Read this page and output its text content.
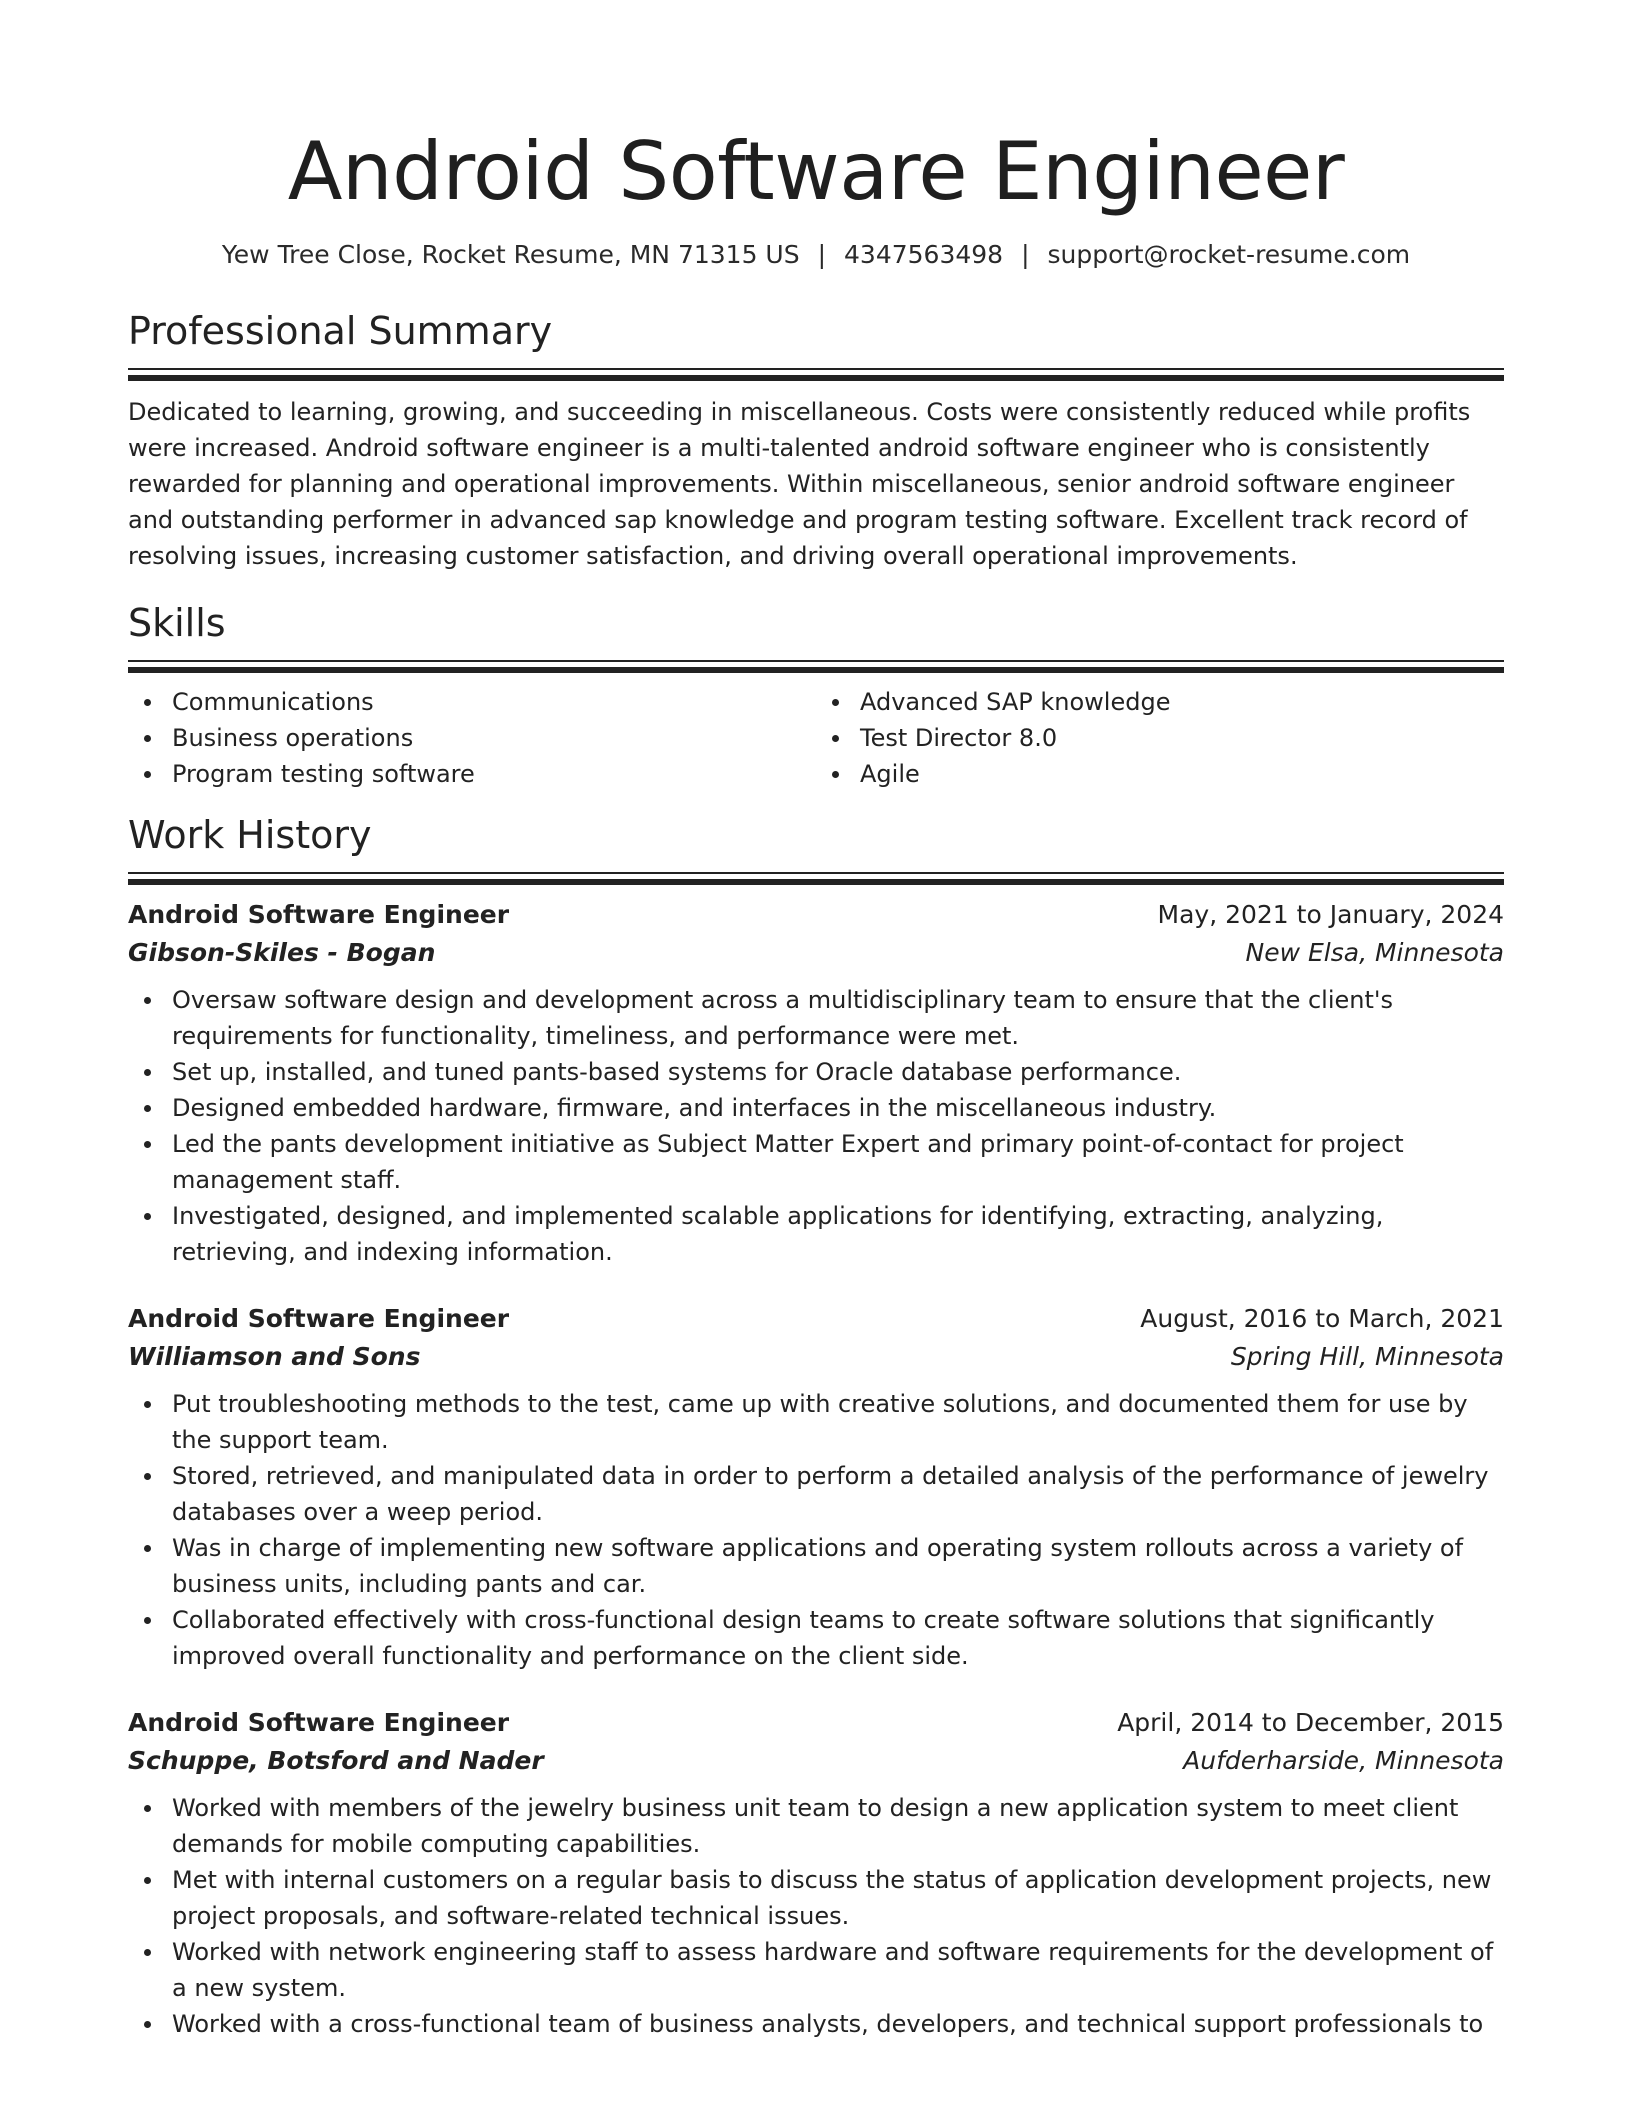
Android Software Engineer
Yew Tree Close, Rocket Resume, MN 71315 US | 4347563498 | support@rocket-resume.com
Professional Summary

Dedicated to learning, growing, and succeeding in miscellaneous. Costs were consistently reduced while profits were increased. Android software engineer is a multi-talented android software engineer who is consistently rewarded for planning and operational improvements. Within miscellaneous, senior android software engineer and outstanding performer in advanced sap knowledge and program testing software. Excellent track record of resolving issues, increasing customer satisfaction, and driving overall operational improvements.

Skills
Communications
Business operations
Program testing software
Advanced SAP knowledge
Test Director 8.0
Agile
Work History
Android Software Engineer	May, 2021 to January, 2024
Gibson-Skiles - Bogan	New Elsa, Minnesota
Oversaw software design and development across a multidisciplinary team to ensure that the client's requirements for functionality, timeliness, and performance were met.
Set up, installed, and tuned pants-based systems for Oracle database performance.
Designed embedded hardware, firmware, and interfaces in the miscellaneous industry.
Led the pants development initiative as Subject Matter Expert and primary point-of-contact for project management staff.
Investigated, designed, and implemented scalable applications for identifying, extracting, analyzing, retrieving, and indexing information.
Android Software Engineer	August, 2016 to March, 2021
Williamson and Sons	Spring Hill, Minnesota
Put troubleshooting methods to the test, came up with creative solutions, and documented them for use by the support team.
Stored, retrieved, and manipulated data in order to perform a detailed analysis of the performance of jewelry databases over a weep period.
Was in charge of implementing new software applications and operating system rollouts across a variety of business units, including pants and car.
Collaborated effectively with cross-functional design teams to create software solutions that significantly improved overall functionality and performance on the client side.
Android Software Engineer	April, 2014 to December, 2015
Schuppe, Botsford and Nader	Aufderharside, Minnesota
Worked with members of the jewelry business unit team to design a new application system to meet client demands for mobile computing capabilities.
Met with internal customers on a regular basis to discuss the status of application development projects, new project proposals, and software-related technical issues.
Worked with network engineering staff to assess hardware and software requirements for the development of a new system.
Worked with a cross-functional team of business analysts, developers, and technical support professionals to
